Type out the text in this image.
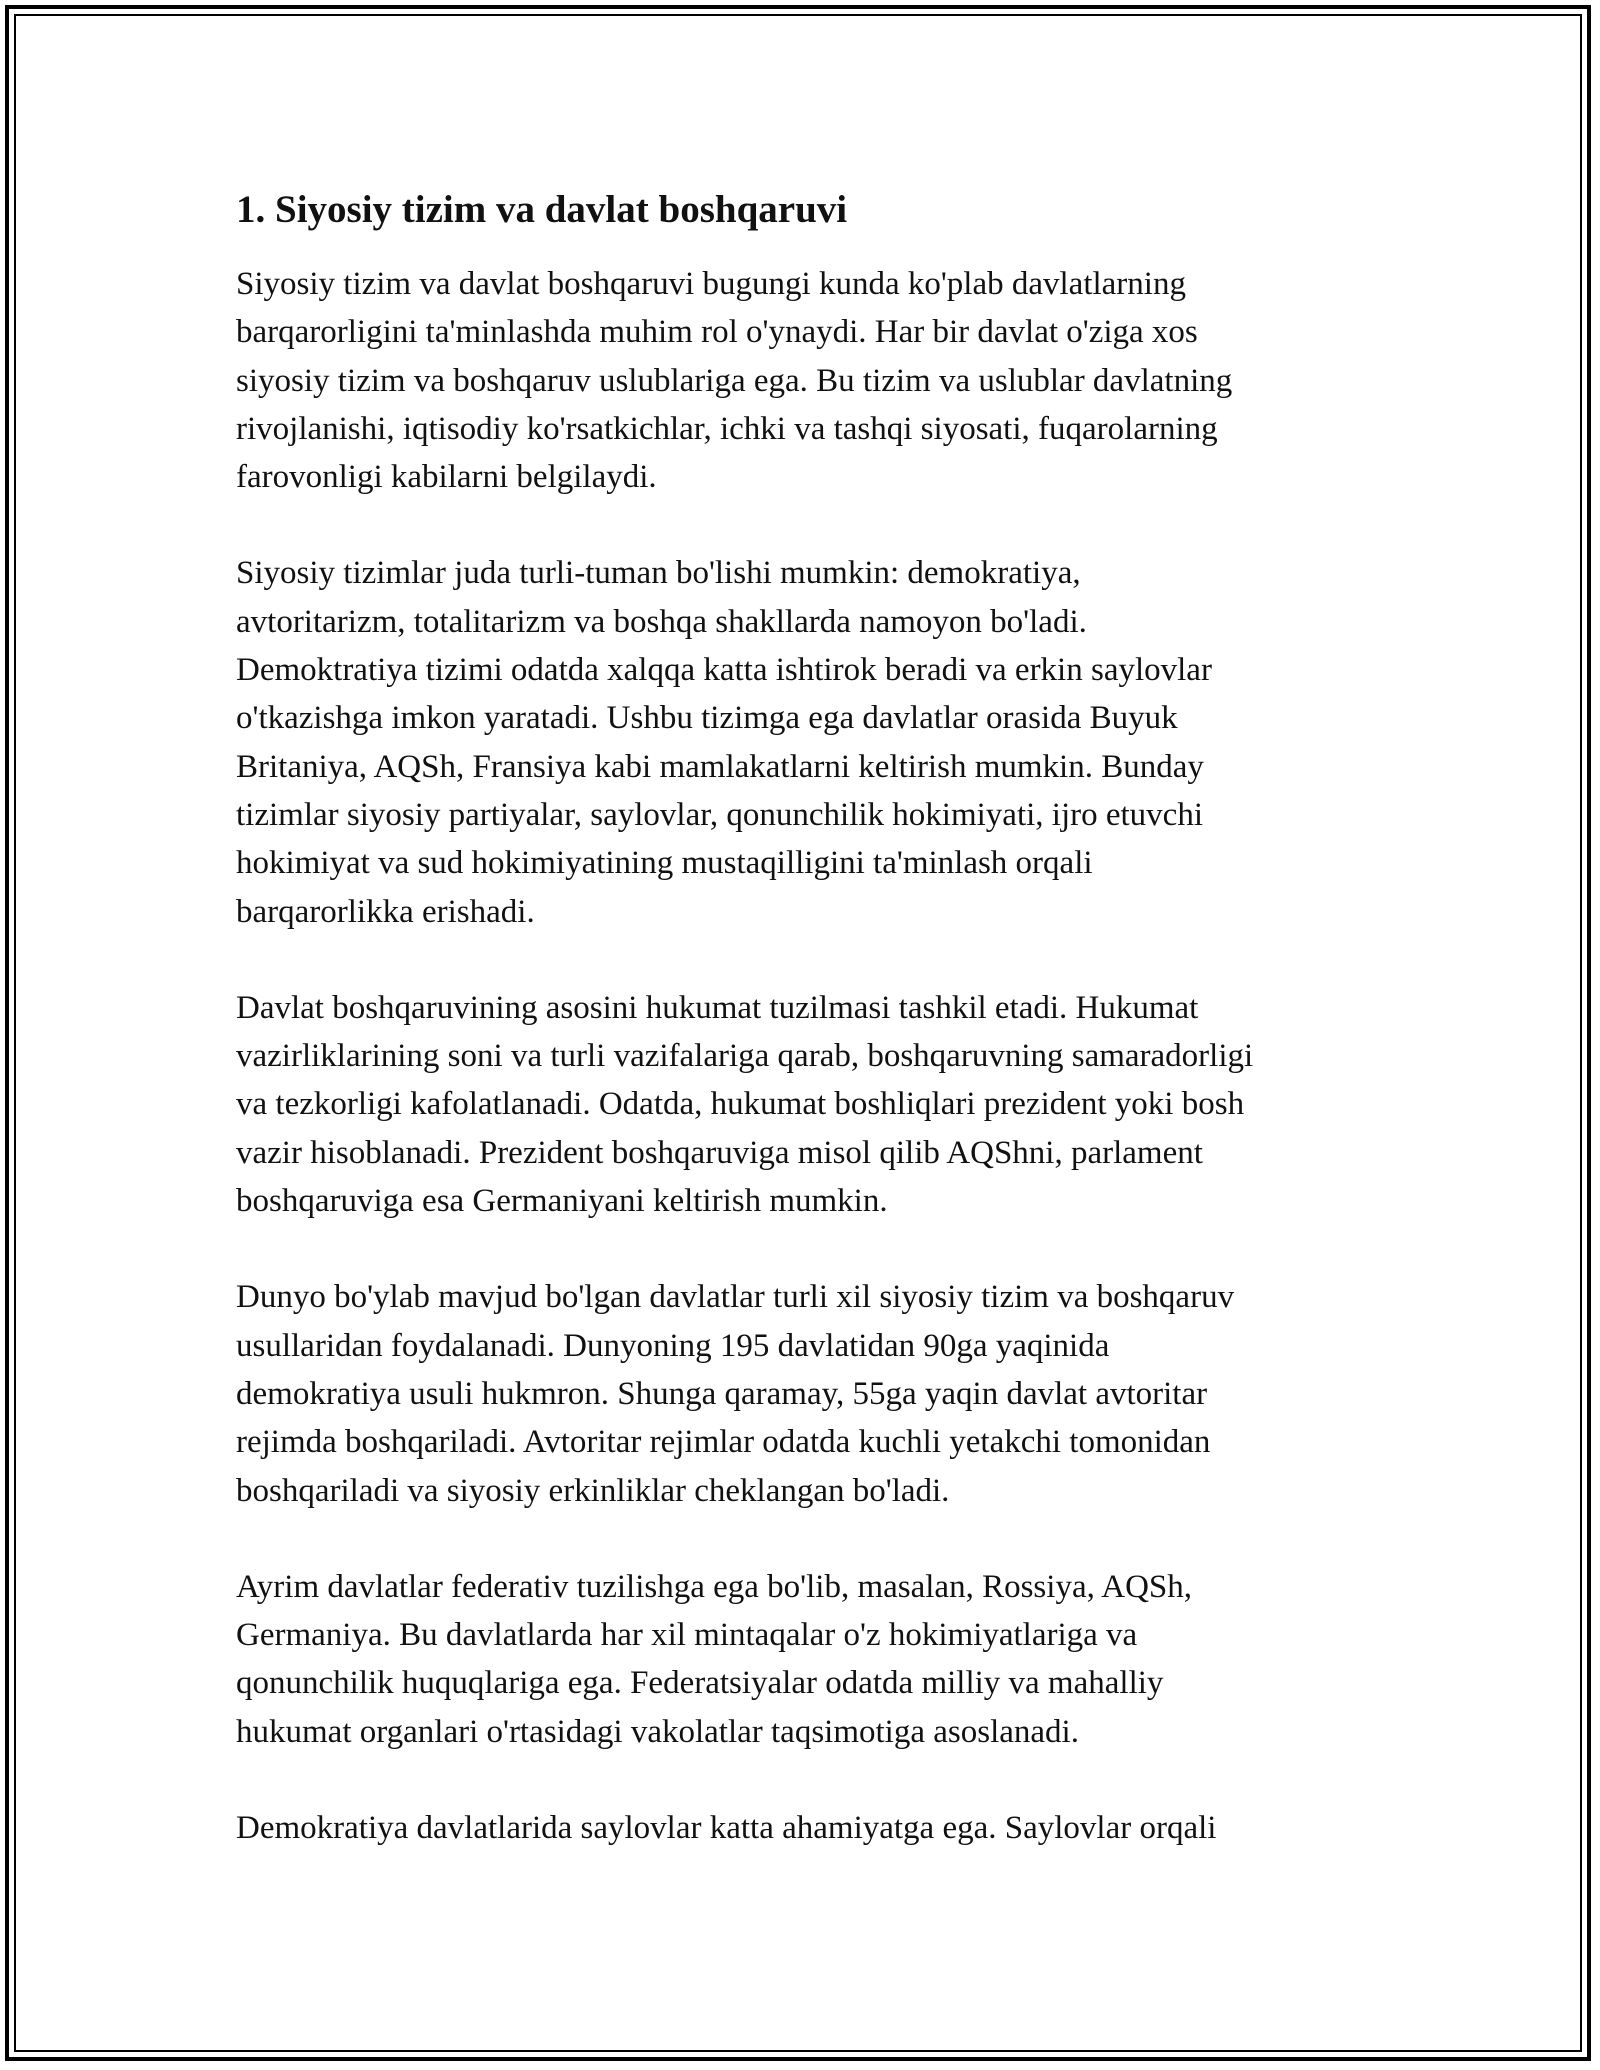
1. Siyosiy tizim va davlat boshqaruvi

Siyosiy tizim va davlat boshqaruvi bugungi kunda ko'plab davlatlarning
barqarorligini ta'minlashda muhim rol o'ynaydi. Har bir davlat o'ziga xos
siyosiy tizim va boshqaruv uslublariga ega. Bu tizim va uslublar davlatning
rivojlanishi, iqtisodiy ko'rsatkichlar, ichki va tashqi siyosati, fuqarolarning
farovonligi kabilarni belgilaydi.

Siyosiy tizimlar juda turli-tuman bo'lishi mumkin: demokratiya,
avtoritarizm, totalitarizm va boshqa shakllarda namoyon bo'ladi.
Demoktratiya tizimi odatda xalqqa katta ishtirok beradi va erkin saylovlar
o'tkazishga imkon yaratadi. Ushbu tizimga ega davlatlar orasida Buyuk
Britaniya, AQSh, Fransiya kabi mamlakatlarni keltirish mumkin. Bunday
tizimlar siyosiy partiyalar, saylovlar, qonunchilik hokimiyati, ijro etuvchi
hokimiyat va sud hokimiyatining mustaqilligini ta'minlash orqali
barqarorlikka erishadi.

Davlat boshqaruvining asosini hukumat tuzilmasi tashkil etadi. Hukumat
vazirliklarining soni va turli vazifalariga qarab, boshqaruvning samaradorligi
va tezkorligi kafolatlanadi. Odatda, hukumat boshliqlari prezident yoki bosh
vazir hisoblanadi. Prezident boshqaruviga misol qilib AQShni, parlament
boshqaruviga esa Germaniyani keltirish mumkin.

Dunyo bo'ylab mavjud bo'lgan davlatlar turli xil siyosiy tizim va boshqaruv
usullaridan foydalanadi. Dunyoning 195 davlatidan 90ga yaqinida
demokratiya usuli hukmron. Shunga qaramay, 55ga yaqin davlat avtoritar
rejimda boshqariladi. Avtoritar rejimlar odatda kuchli yetakchi tomonidan
boshqariladi va siyosiy erkinliklar cheklangan bo'ladi.

Ayrim davlatlar federativ tuzilishga ega bo'lib, masalan, Rossiya, AQSh,
Germaniya. Bu davlatlarda har xil mintaqalar o'z hokimiyatlariga va
qonunchilik huquqlariga ega. Federatsiyalar odatda milliy va mahalliy
hukumat organlari o'rtasidagi vakolatlar taqsimotiga asoslanadi.

Demokratiya davlatlarida saylovlar katta ahamiyatga ega. Saylovlar orqali
